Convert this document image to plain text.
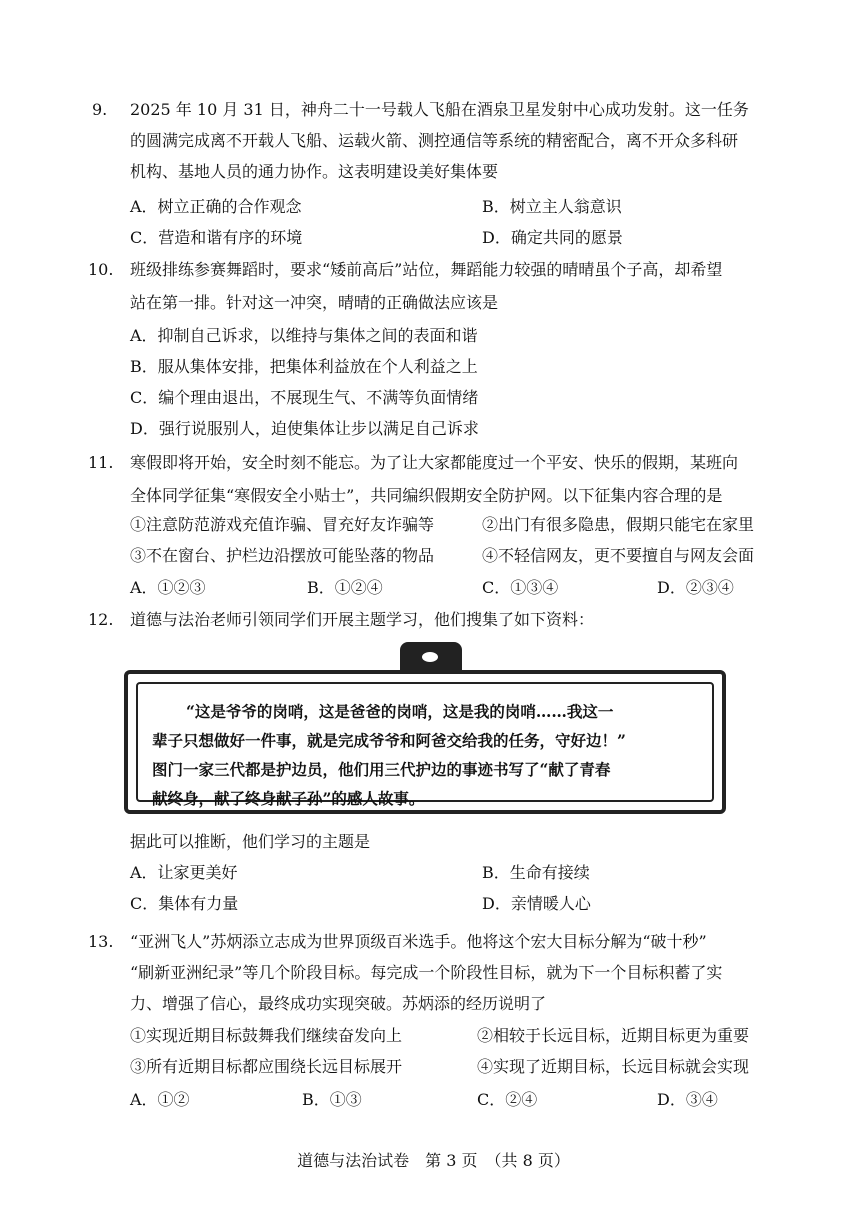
9. 2025 年 10 月 31 日，神舟二十一号载人飞船在酒泉卫星发射中心成功发射。这一任务
的圆满完成离不开载人飞船、运载火箭、测控通信等系统的精密配合，离不开众多科研
机构、基地人员的通力协作。这表明建设美好集体要
A．树立正确的合作观念	B．树立主人翁意识
C．营造和谐有序的环境	D．确定共同的愿景
10. 班级排练参赛舞蹈时，要求“矮前高后”站位，舞蹈能力较强的晴晴虽个子高，却希望
站在第一排。针对这一冲突，晴晴的正确做法应该是
A．抑制自己诉求，以维持与集体之间的表面和谐
B．服从集体安排，把集体利益放在个人利益之上
C．编个理由退出，不展现生气、不满等负面情绪
D．强行说服别人，迫使集体让步以满足自己诉求
11. 寒假即将开始，安全时刻不能忘。为了让大家都能度过一个平安、快乐的假期，某班向
全体同学征集“寒假安全小贴士”，共同编织假期安全防护网。以下征集内容合理的是
①注意防范游戏充值诈骗、冒充好友诈骗等	②出门有很多隐患，假期只能宅在家里
③不在窗台、护栏边沿摆放可能坠落的物品	④不轻信网友，更不要擅自与网友会面
A．①②③	B．①②④	C．①③④	D．②③④
12. 道德与法治老师引领同学们开展主题学习，他们搜集了如下资料：
“这是爷爷的岗哨，这是爸爸的岗哨，这是我的岗哨……我这一
辈子只想做好一件事，就是完成爷爷和阿爸交给我的任务，守好边！”
图门一家三代都是护边员，他们用三代护边的事迹书写了“献了青春
献终身，献了终身献子孙”的感人故事。
据此可以推断，他们学习的主题是
A．让家更美好	B．生命有接续
C．集体有力量	D．亲情暖人心
13. “亚洲飞人”苏炳添立志成为世界顶级百米选手。他将这个宏大目标分解为“破十秒”
“刷新亚洲纪录”等几个阶段目标。每完成一个阶段性目标，就为下一个目标积蓄了实
力、增强了信心，最终成功实现突破。苏炳添的经历说明了
①实现近期目标鼓舞我们继续奋发向上	②相较于长远目标，近期目标更为重要
③所有近期目标都应围绕长远目标展开	④实现了近期目标，长远目标就会实现
A．①②	B．①③	C．②④	D．③④
道德与法治试卷　第 3 页　（共 8 页）
